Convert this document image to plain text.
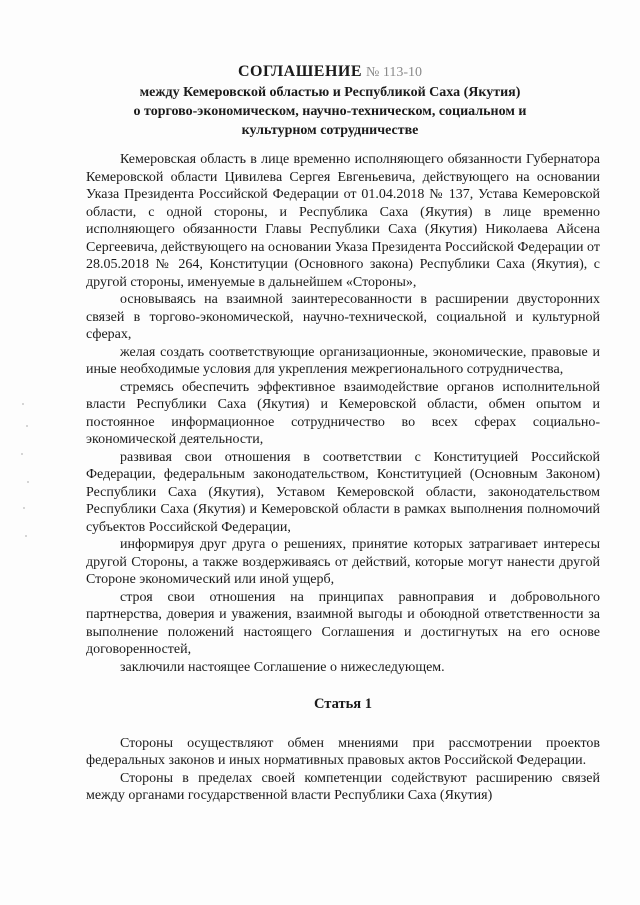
СОГЛАШЕНИЕ № 113-10
между Кемеровской областью и Республикой Саха (Якутия)
о торгово-экономическом, научно-техническом, социальном и
культурном сотрудничестве

Кемеровская область в лице временно исполняющего обязанности Губернатора Кемеровской области Цивилева Сергея Евгеньевича, действующего на основании Указа Президента Российской Федерации от 01.04.2018 № 137, Устава Кемеровской области, с одной стороны, и Республика Саха (Якутия) в лице временно исполняющего обязанности Главы Республики Саха (Якутия) Николаева Айсена Сергеевича, действующего на основании Указа Президента Российской Федерации от 28.05.2018 № 264, Конституции (Основного закона) Республики Саха (Якутия), с другой стороны, именуемые в дальнейшем «Стороны»,

основываясь на взаимной заинтересованности в расширении двусторонних связей в торгово-экономической, научно-технической, социальной и культурной сферах,

желая создать соответствующие организационные, экономические, правовые и иные необходимые условия для укрепления межрегионального сотрудничества,

стремясь обеспечить эффективное взаимодействие органов исполнительной власти Республики Саха (Якутия) и Кемеровской области, обмен опытом и постоянное информационное сотрудничество во всех сферах социально-экономической деятельности,

развивая свои отношения в соответствии с Конституцией Российской Федерации, федеральным законодательством, Конституцией (Основным Законом) Республики Саха (Якутия), Уставом Кемеровской области, законодательством Республики Саха (Якутия) и Кемеровской области в рамках выполнения полномочий субъектов Российской Федерации,

информируя друг друга о решениях, принятие которых затрагивает интересы другой Стороны, а также воздерживаясь от действий, которые могут нанести другой Стороне экономический или иной ущерб,

строя свои отношения на принципах равноправия и добровольного партнерства, доверия и уважения, взаимной выгоды и обоюдной ответственности за выполнение положений настоящего Соглашения и достигнутых на его основе договоренностей,

заключили настоящее Соглашение о нижеследующем.

Статья 1

Стороны осуществляют обмен мнениями при рассмотрении проектов федеральных законов и иных нормативных правовых актов Российской Федерации.

Стороны в пределах своей компетенции содействуют расширению связей между органами государственной власти Республики Саха (Якутия)
